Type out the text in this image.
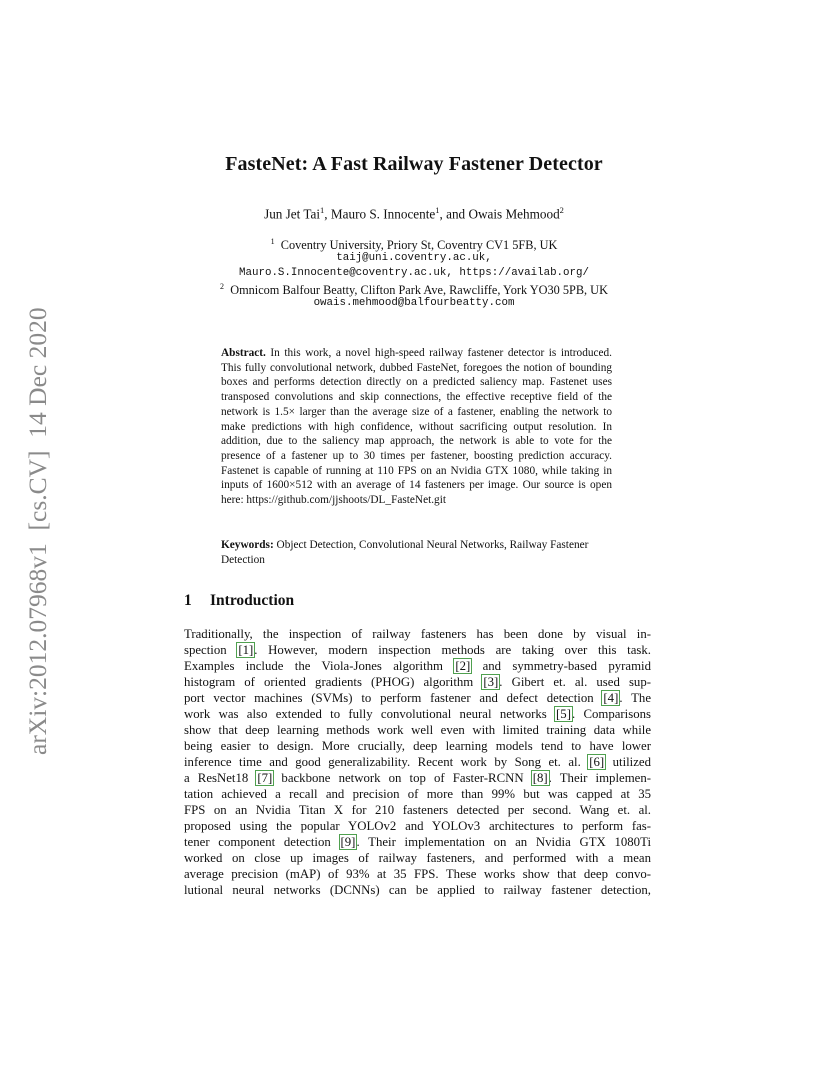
arXiv:2012.07968v1  [cs.CV]  14 Dec 2020
FasteNet: A Fast Railway Fastener Detector
Jun Jet Tai$^1$, Mauro S. Innocente$^1$, and Owais Mehmood$^2$
$^1$ Coventry University, Priory St, Coventry CV1 5FB, UK
taij@uni.coventry.ac.uk,
Mauro.S.Innocente@coventry.ac.uk, https://availab.org/
$^2$ Omnicom Balfour Beatty, Clifton Park Ave, Rawcliffe, York YO30 5PB, UK
owais.mehmood@balfourbeatty.com
Abstract. In this work, a novel high-speed railway fastener detector is introduced. This fully convolutional network, dubbed FasteNet, foregoes the notion of bounding boxes and performs detection directly on a predicted saliency map. Fastenet uses transposed convolutions and skip connections, the effective receptive field of the network is 1.5× larger than the average size of a fastener, enabling the network to make predictions with high confidence, without sacrificing output resolution. In addition, due to the saliency map approach, the network is able to vote for the presence of a fastener up to 30 times per fastener, boosting prediction accuracy. Fastenet is capable of running at 110 FPS on an Nvidia GTX 1080, while taking in inputs of 1600×512 with an average of 14 fasteners per image. Our source is open here: https://github.com/jjshoots/DL_FasteNet.git
Keywords: Object Detection, Convolutional Neural Networks, Railway Fastener Detection
1 Introduction
Traditionally, the inspection of railway fasteners has been done by visual in-
spection [1]. However, modern inspection methods are taking over this task.
Examples include the Viola-Jones algorithm [2] and symmetry-based pyramid
histogram of oriented gradients (PHOG) algorithm [3]. Gibert et. al. used sup-
port vector machines (SVMs) to perform fastener and defect detection [4]. The
work was also extended to fully convolutional neural networks [5]. Comparisons
show that deep learning methods work well even with limited training data while
being easier to design. More crucially, deep learning models tend to have lower
inference time and good generalizability. Recent work by Song et. al. [6] utilized
a ResNet18 [7] backbone network on top of Faster-RCNN [8]. Their implemen-
tation achieved a recall and precision of more than 99% but was capped at 35
FPS on an Nvidia Titan X for 210 fasteners detected per second. Wang et. al.
proposed using the popular YOLOv2 and YOLOv3 architectures to perform fas-
tener component detection [9]. Their implementation on an Nvidia GTX 1080Ti
worked on close up images of railway fasteners, and performed with a mean
average precision (mAP) of 93% at 35 FPS. These works show that deep convo-
lutional neural networks (DCNNs) can be applied to railway fastener detection,
